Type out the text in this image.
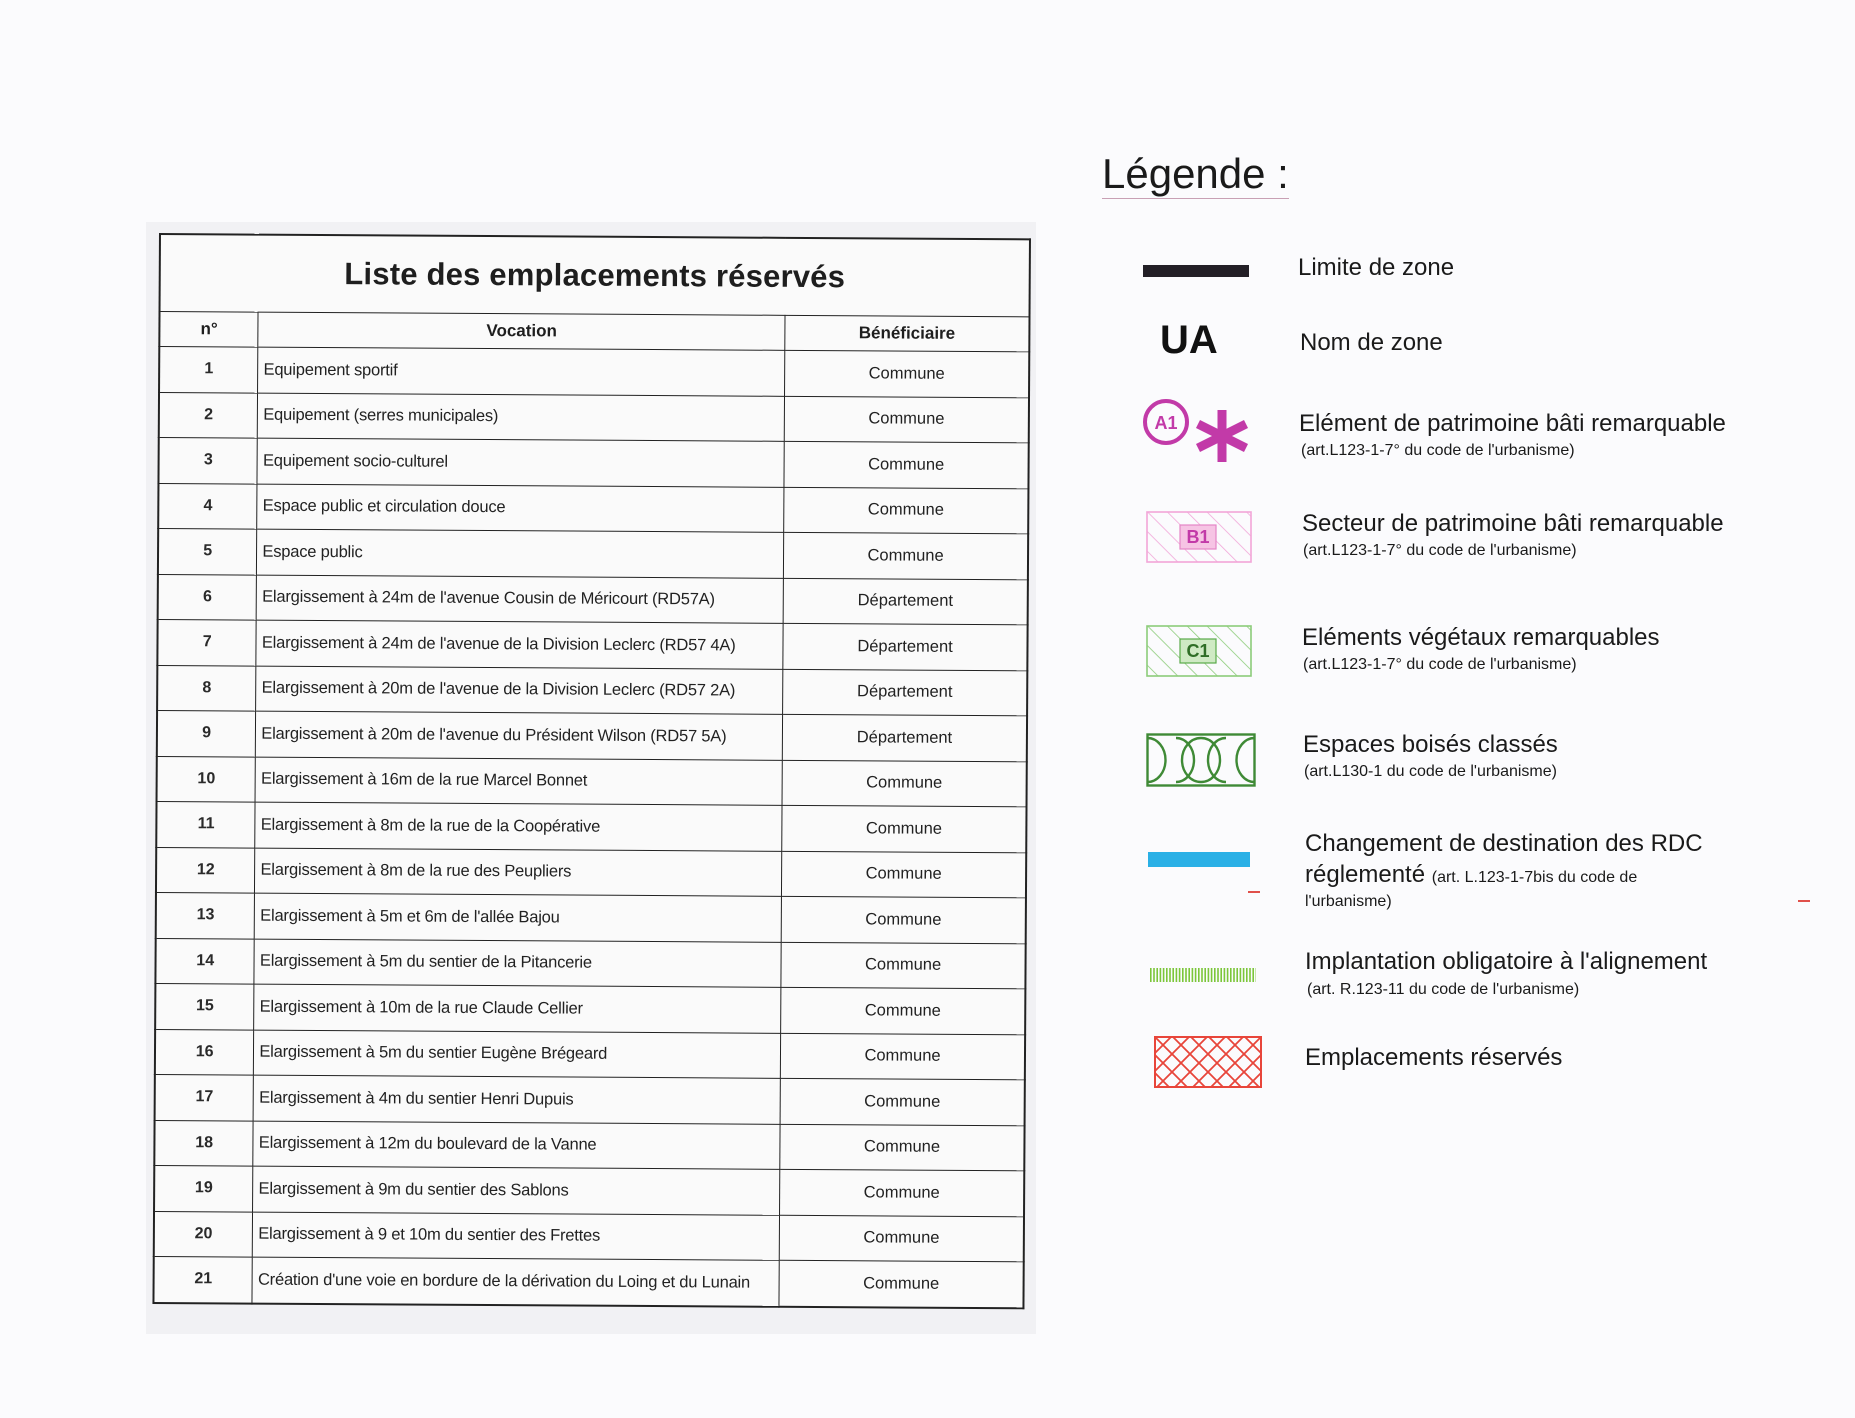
Liste des emplacements réservés		
n°	Vocation	Bénéficiaire
1	Equipement sportif	Commune
2	Equipement (serres municipales)	Commune
3	Equipement socio-culturel	Commune
4	Espace public et circulation douce	Commune
5	Espace public	Commune
6	Elargissement à 24m de l'avenue Cousin de Méricourt (RD57A)	Département
7	Elargissement à 24m de l'avenue de la Division Leclerc (RD57 4A)	Département
8	Elargissement à 20m de l'avenue de la Division Leclerc (RD57 2A)	Département
9	Elargissement à 20m de l'avenue du Président Wilson (RD57 5A)	Département
10	Elargissement à 16m de la rue Marcel Bonnet	Commune
11	Elargissement à 8m de la rue de la Coopérative	Commune
12	Elargissement à 8m de la rue des Peupliers	Commune
13	Elargissement à 5m et 6m de l'allée Bajou	Commune
14	Elargissement à 5m du sentier de la Pitancerie	Commune
15	Elargissement à 10m de la rue Claude Cellier	Commune
16	Elargissement à 5m du sentier Eugène Brégeard	Commune
17	Elargissement à 4m du sentier Henri Dupuis	Commune
18	Elargissement à 12m du boulevard de la Vanne	Commune
19	Elargissement à 9m du sentier des Sablons	Commune
20	Elargissement à 9 et 10m du sentier des Frettes	Commune
21	Création d'une voie en bordure de la dérivation du Loing et du Lunain	Commune
Légende :
Limite de zone
UA	Nom de zone
A1	Elément de patrimoine bâti remarquable
(art.L123-1-7° du code de l'urbanisme)
B1	Secteur de patrimoine bâti remarquable
(art.L123-1-7° du code de l'urbanisme)
C1	Eléments végétaux remarquables
(art.L123-1-7° du code de l'urbanisme)
Espaces boisés classés
(art.L130-1 du code de l'urbanisme)
Changement de destination des RDC
réglementé (art. L.123-1-7bis du code de
l'urbanisme)
Implantation obligatoire à l'alignement
(art. R.123-11 du code de l'urbanisme)
Emplacements réservés
